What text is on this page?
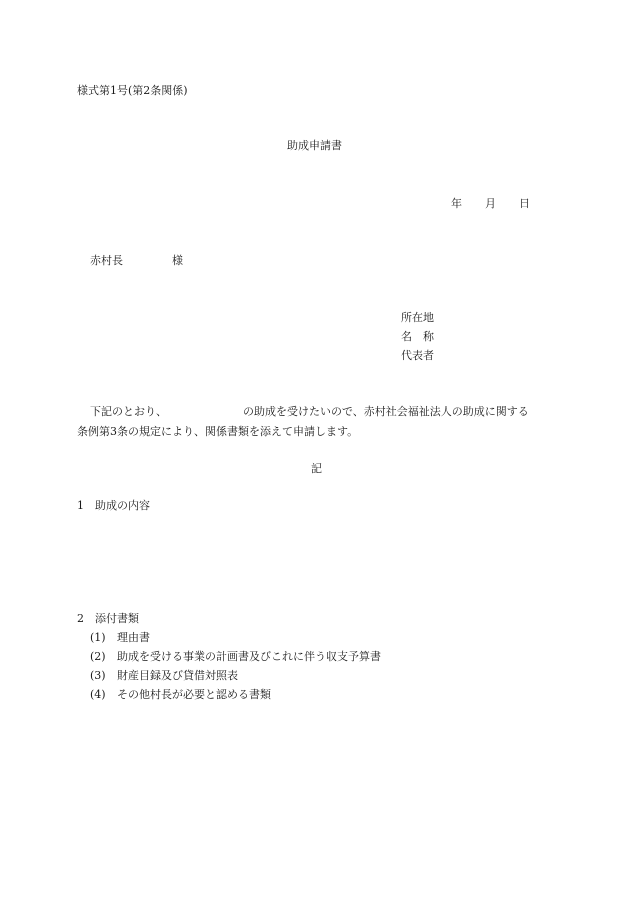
様式第1号(第2条関係)
助成申請書
年 月 日
赤村長	様
所在地
名　称
代表者
下記のとおり、	の助成を受けたいので、赤村社会福祉法人の助成に関する
条例第3条の規定により、関係書類を添えて申請します。
記
1　助成の内容
2　添付書類
(1) 理由書
(2) 助成を受ける事業の計画書及びこれに伴う収支予算書
(3) 財産目録及び貸借対照表
(4) その他村長が必要と認める書類
